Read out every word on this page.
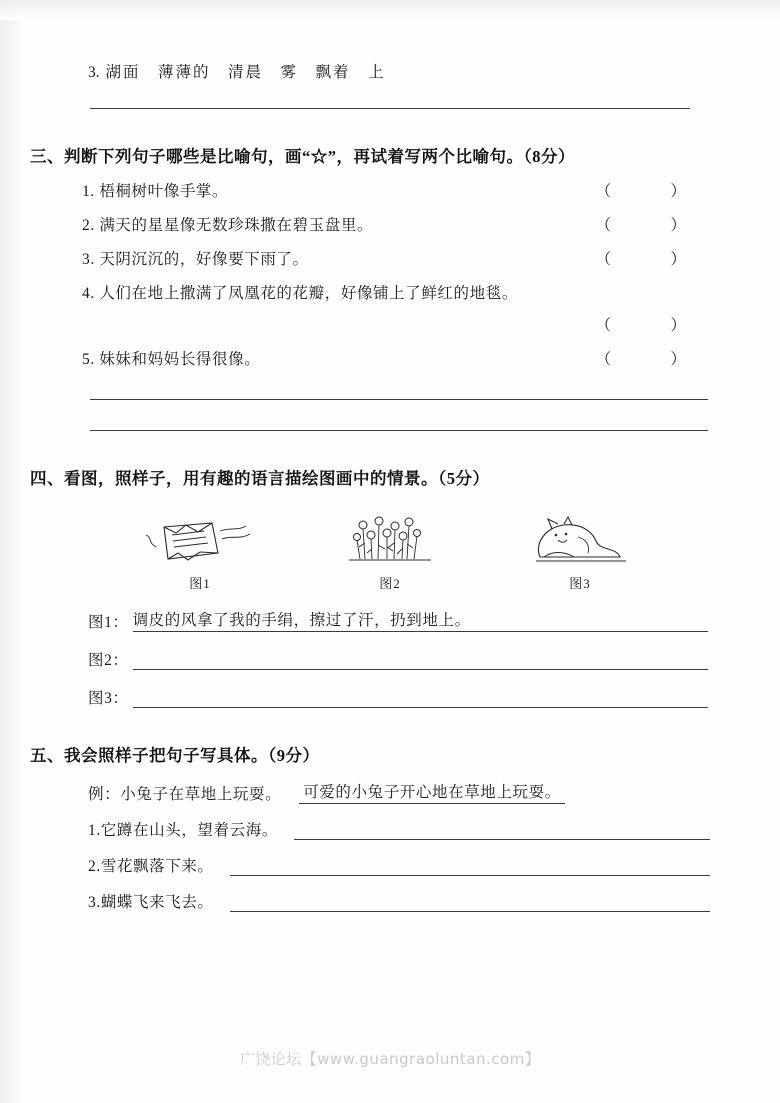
3. 湖面　薄薄的　清晨　雾　飘着　上
三、判断下列句子哪些是比喻句，画“☆”，再试着写两个比喻句。（8分）
1. 梧桐树叶像手掌。	（　）
2. 满天的星星像无数珍珠撒在碧玉盘里。	（　）
3. 天阴沉沉的，好像要下雨了。	（　）
4. 人们在地上撒满了凤凰花的花瓣，好像铺上了鲜红的地毯。
（　）
5. 妹妹和妈妈长得很像。	（　）
四、看图，照样子，用有趣的语言描绘图画中的情景。（5分）
图1	图2	图3
图1： 调皮的风拿了我的手绢，擦过了汗，扔到地上。
图2：
图3：
五、我会照样子把句子写具体。（9分）
例：小兔子在草地上玩耍。 可爱的小兔子开心地在草地上玩耍。
1. 它蹲在山头，望着云海。
2. 雪花飘落下来。
3. 蝴蝶飞来飞去。
广饶论坛【www.guangraoluntan.com】
